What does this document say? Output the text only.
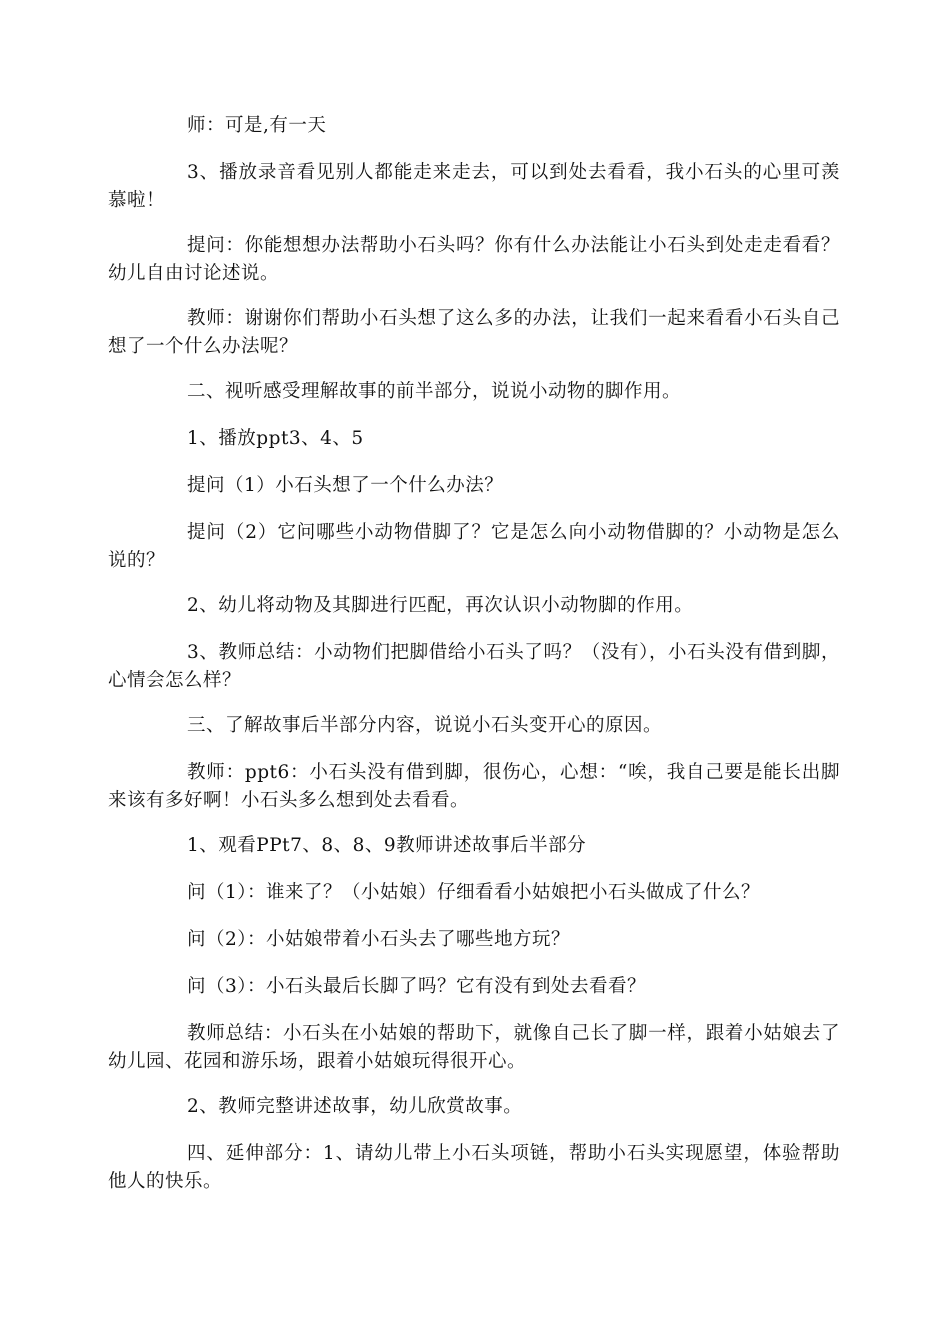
师：可是,有一天

3、播放录音看见别人都能走来走去，可以到处去看看，我小石头的心里可羡慕啦！

提问：你能想想办法帮助小石头吗？你有什么办法能让小石头到处走走看看？幼儿自由讨论述说。

教师：谢谢你们帮助小石头想了这么多的办法，让我们一起来看看小石头自己想了一个什么办法呢？

二、视听感受理解故事的前半部分，说说小动物的脚作用。

1、播放ppt3、4、5

提问（1）小石头想了一个什么办法？

提问（2）它问哪些小动物借脚了？它是怎么向小动物借脚的？小动物是怎么说的？

2、幼儿将动物及其脚进行匹配，再次认识小动物脚的作用。

3、教师总结：小动物们把脚借给小石头了吗？（没有），小石头没有借到脚，心情会怎么样？

三、了解故事后半部分内容，说说小石头变开心的原因。

教师：ppt6：小石头没有借到脚，很伤心，心想：“唉，我自己要是能长出脚来该有多好啊！小石头多么想到处去看看。

1、观看PPt7、8、8、9教师讲述故事后半部分

问（1）：谁来了？（小姑娘）仔细看看小姑娘把小石头做成了什么？

问（2）：小姑娘带着小石头去了哪些地方玩？

问（3）：小石头最后长脚了吗？它有没有到处去看看？

教师总结：小石头在小姑娘的帮助下，就像自己长了脚一样，跟着小姑娘去了幼儿园、花园和游乐场，跟着小姑娘玩得很开心。

2、教师完整讲述故事，幼儿欣赏故事。

四、延伸部分：1、请幼儿带上小石头项链，帮助小石头实现愿望，体验帮助他人的快乐。
